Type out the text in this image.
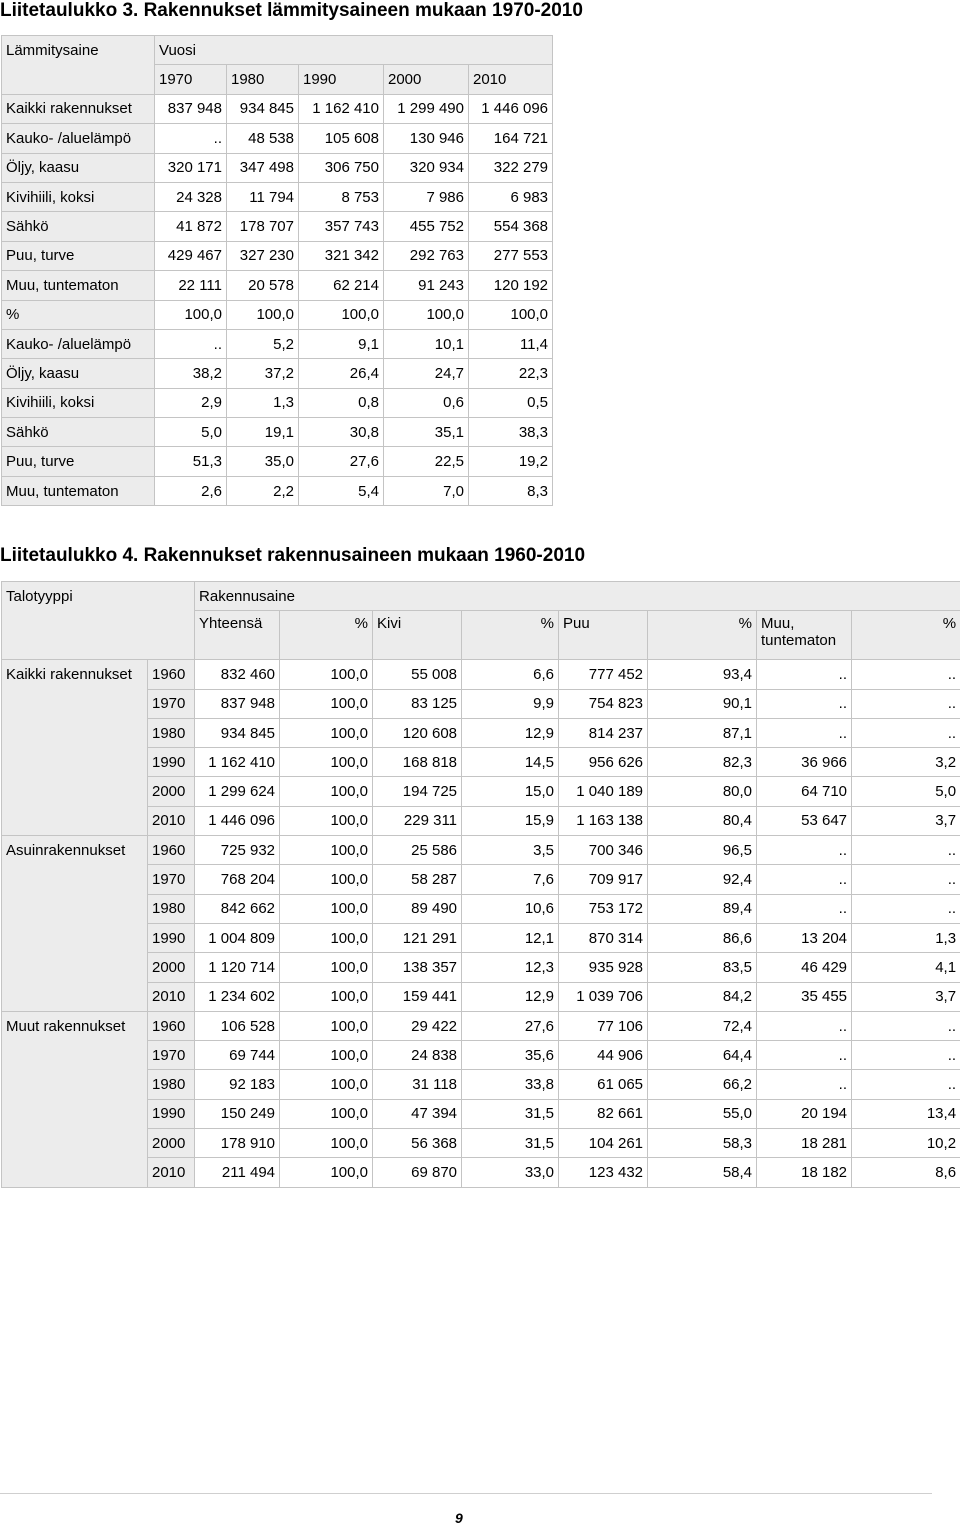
Liitetaulukko 3. Rakennukset lämmitysaineen mukaan 1970-2010
Lämmitysaine	Vuosi				
	1970	1980	1990	2000	2010
Kaikki rakennukset	837 948	934 845	1 162 410	1 299 490	1 446 096
Kauko- /aluelämpö	..	48 538	105 608	130 946	164 721
Öljy, kaasu	320 171	347 498	306 750	320 934	322 279
Kivihiili, koksi	24 328	11 794	8 753	7 986	6 983
Sähkö	41 872	178 707	357 743	455 752	554 368
Puu, turve	429 467	327 230	321 342	292 763	277 553
Muu, tuntematon	22 111	20 578	62 214	91 243	120 192
%	100,0	100,0	100,0	100,0	100,0
Kauko- /aluelämpö	..	5,2	9,1	10,1	11,4
Öljy, kaasu	38,2	37,2	26,4	24,7	22,3
Kivihiili, koksi	2,9	1,3	0,8	0,6	0,5
Sähkö	5,0	19,1	30,8	35,1	38,3
Puu, turve	51,3	35,0	27,6	22,5	19,2
Muu, tuntematon	2,6	2,2	5,4	7,0	8,3
Liitetaulukko 4. Rakennukset rakennusaineen mukaan 1960-2010
Talotyyppi		Rakennusaine							
		Yhteensä	%	Kivi	%	Puu	%	Muu, tuntematon	%
Kaikki rakennukset	1960	832 460	100,0	55 008	6,6	777 452	93,4	..	..
	1970	837 948	100,0	83 125	9,9	754 823	90,1	..	..
	1980	934 845	100,0	120 608	12,9	814 237	87,1	..	..
	1990	1 162 410	100,0	168 818	14,5	956 626	82,3	36 966	3,2
	2000	1 299 624	100,0	194 725	15,0	1 040 189	80,0	64 710	5,0
	2010	1 446 096	100,0	229 311	15,9	1 163 138	80,4	53 647	3,7
Asuinrakennukset	1960	725 932	100,0	25 586	3,5	700 346	96,5	..	..
	1970	768 204	100,0	58 287	7,6	709 917	92,4	..	..
	1980	842 662	100,0	89 490	10,6	753 172	89,4	..	..
	1990	1 004 809	100,0	121 291	12,1	870 314	86,6	13 204	1,3
	2000	1 120 714	100,0	138 357	12,3	935 928	83,5	46 429	4,1
	2010	1 234 602	100,0	159 441	12,9	1 039 706	84,2	35 455	3,7
Muut rakennukset	1960	106 528	100,0	29 422	27,6	77 106	72,4	..	..
	1970	69 744	100,0	24 838	35,6	44 906	64,4	..	..
	1980	92 183	100,0	31 118	33,8	61 065	66,2	..	..
	1990	150 249	100,0	47 394	31,5	82 661	55,0	20 194	13,4
	2000	178 910	100,0	56 368	31,5	104 261	58,3	18 281	10,2
	2010	211 494	100,0	69 870	33,0	123 432	58,4	18 182	8,6
9
